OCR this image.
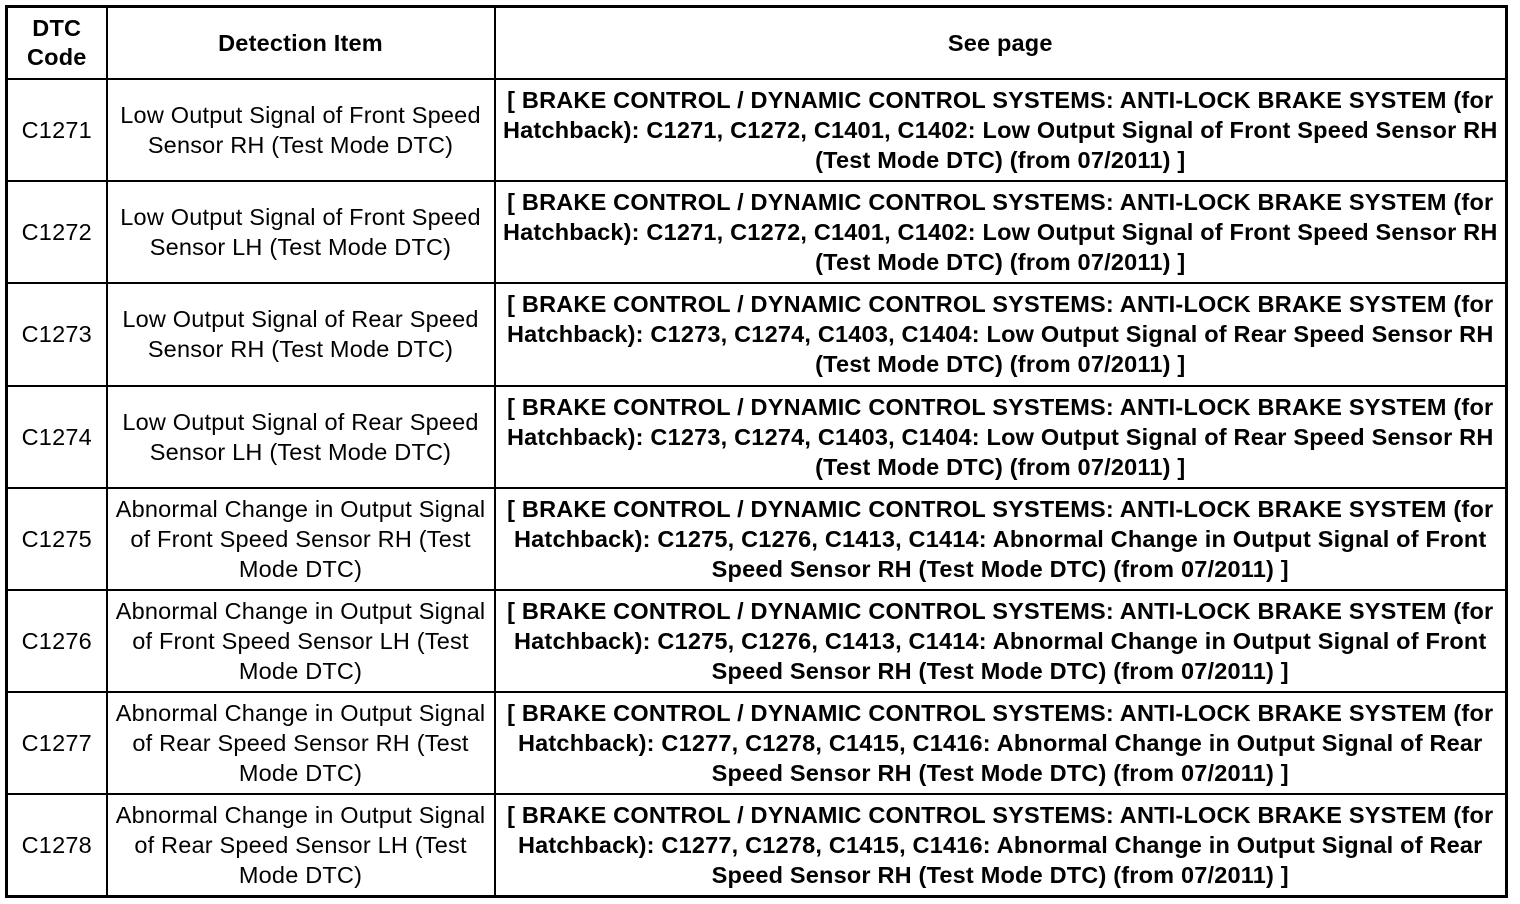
DTC Code	Detection Item	See page
C1271	Low Output Signal of Front Speed Sensor RH (Test Mode DTC)	[ BRAKE CONTROL / DYNAMIC CONTROL SYSTEMS: ANTI-LOCK BRAKE SYSTEM (for Hatchback): C1271, C1272, C1401, C1402: Low Output Signal of Front Speed Sensor RH (Test Mode DTC) (from 07/2011) ]
C1272	Low Output Signal of Front Speed Sensor LH (Test Mode DTC)	[ BRAKE CONTROL / DYNAMIC CONTROL SYSTEMS: ANTI-LOCK BRAKE SYSTEM (for Hatchback): C1271, C1272, C1401, C1402: Low Output Signal of Front Speed Sensor RH (Test Mode DTC) (from 07/2011) ]
C1273	Low Output Signal of Rear Speed Sensor RH (Test Mode DTC)	[ BRAKE CONTROL / DYNAMIC CONTROL SYSTEMS: ANTI-LOCK BRAKE SYSTEM (for Hatchback): C1273, C1274, C1403, C1404: Low Output Signal of Rear Speed Sensor RH (Test Mode DTC) (from 07/2011) ]
C1274	Low Output Signal of Rear Speed Sensor LH (Test Mode DTC)	[ BRAKE CONTROL / DYNAMIC CONTROL SYSTEMS: ANTI-LOCK BRAKE SYSTEM (for Hatchback): C1273, C1274, C1403, C1404: Low Output Signal of Rear Speed Sensor RH (Test Mode DTC) (from 07/2011) ]
C1275	Abnormal Change in Output Signal of Front Speed Sensor RH (Test Mode DTC)	[ BRAKE CONTROL / DYNAMIC CONTROL SYSTEMS: ANTI-LOCK BRAKE SYSTEM (for Hatchback): C1275, C1276, C1413, C1414: Abnormal Change in Output Signal of Front Speed Sensor RH (Test Mode DTC) (from 07/2011) ]
C1276	Abnormal Change in Output Signal of Front Speed Sensor LH (Test Mode DTC)	[ BRAKE CONTROL / DYNAMIC CONTROL SYSTEMS: ANTI-LOCK BRAKE SYSTEM (for Hatchback): C1275, C1276, C1413, C1414: Abnormal Change in Output Signal of Front Speed Sensor RH (Test Mode DTC) (from 07/2011) ]
C1277	Abnormal Change in Output Signal of Rear Speed Sensor RH (Test Mode DTC)	[ BRAKE CONTROL / DYNAMIC CONTROL SYSTEMS: ANTI-LOCK BRAKE SYSTEM (for Hatchback): C1277, C1278, C1415, C1416: Abnormal Change in Output Signal of Rear Speed Sensor RH (Test Mode DTC) (from 07/2011) ]
C1278	Abnormal Change in Output Signal of Rear Speed Sensor LH (Test Mode DTC)	[ BRAKE CONTROL / DYNAMIC CONTROL SYSTEMS: ANTI-LOCK BRAKE SYSTEM (for Hatchback): C1277, C1278, C1415, C1416: Abnormal Change in Output Signal of Rear Speed Sensor RH (Test Mode DTC) (from 07/2011) ]
